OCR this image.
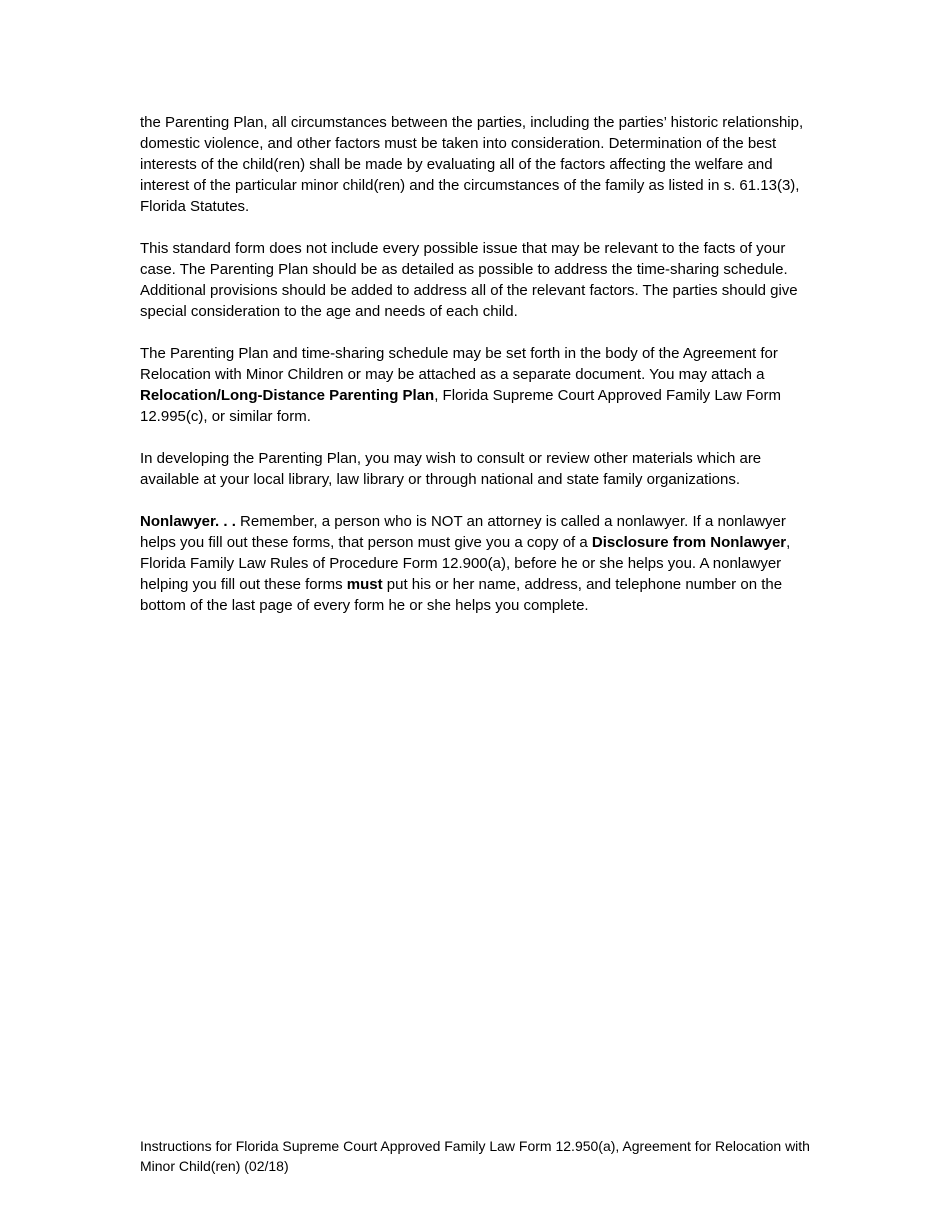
the Parenting Plan, all circumstances between the parties, including the parties’ historic relationship, domestic violence, and other factors must be taken into consideration. Determination of the best interests of the child(ren) shall be made by evaluating all of the factors affecting the welfare and interest of the particular minor child(ren) and the circumstances of the family as listed in s. 61.13(3), Florida Statutes.

This standard form does not include every possible issue that may be relevant to the facts of your case. The Parenting Plan should be as detailed as possible to address the time-sharing schedule. Additional provisions should be added to address all of the relevant factors. The parties should give special consideration to the age and needs of each child.

The Parenting Plan and time-sharing schedule may be set forth in the body of the Agreement for Relocation with Minor Children or may be attached as a separate document. You may attach a Relocation/Long-Distance Parenting Plan, Florida Supreme Court Approved Family Law Form 12.995(c), or similar form.

In developing the Parenting Plan, you may wish to consult or review other materials which are available at your local library, law library or through national and state family organizations.

Nonlawyer. . . Remember, a person who is NOT an attorney is called a nonlawyer. If a nonlawyer helps you fill out these forms, that person must give you a copy of a Disclosure from Nonlawyer, Florida Family Law Rules of Procedure Form 12.900(a), before he or she helps you. A nonlawyer helping you fill out these forms must put his or her name, address, and telephone number on the bottom of the last page of every form he or she helps you complete.

Instructions for Florida Supreme Court Approved Family Law Form 12.950(a), Agreement for Relocation with Minor Child(ren) (02/18)
